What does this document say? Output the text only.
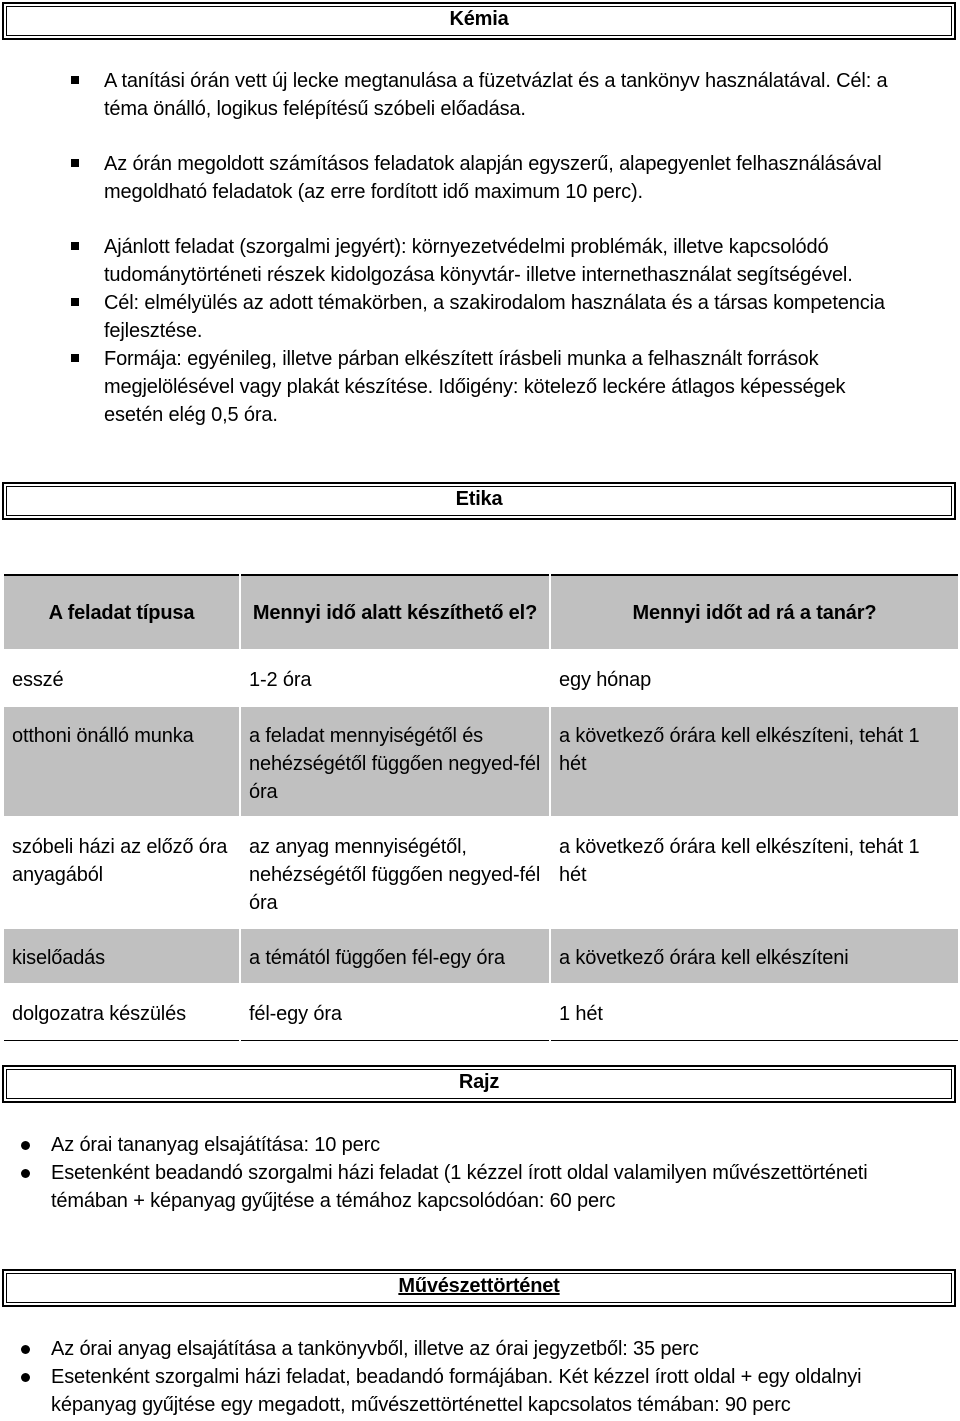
Kémia
A tanítási órán vett új lecke megtanulása a füzetvázlat és a tankönyv használatával. Cél: a téma önálló, logikus felépítésű szóbeli előadása.
Az órán megoldott számításos feladatok alapján egyszerű, alapegyenlet felhasználásával megoldható feladatok (az erre fordított idő maximum 10 perc).
Ajánlott feladat (szorgalmi jegyért): környezetvédelmi problémák, illetve kapcsolódó tudománytörténeti részek kidolgozása könyvtár- illetve internethasználat segítségével.
Cél: elmélyülés az adott témakörben, a szakirodalom használata és a társas kompetencia fejlesztése.
Formája: egyénileg, illetve párban elkészített írásbeli munka a felhasznált források megjelölésével vagy plakát készítése. Időigény: kötelező leckére átlagos képességek esetén elég 0,5 óra.
Etika
A feladat típusa	Mennyi idő alatt készíthető el?	Mennyi időt ad rá a tanár?
esszé	1-2 óra	egy hónap
otthoni önálló munka	a feladat mennyiségétől és nehézségétől függően negyed-fél óra	a következő órára kell elkészíteni, tehát 1 hét
szóbeli házi az előző óra anyagából	az anyag mennyiségétől, nehézségétől függően negyed-fél óra	a következő órára kell elkészíteni, tehát 1 hét
kiselőadás	a témától függően fél-egy óra	a következő órára kell elkészíteni
dolgozatra készülés	fél-egy óra	1 hét
Rajz
Az órai tananyag elsajátítása: 10 perc
Esetenként beadandó szorgalmi házi feladat (1 kézzel írott oldal valamilyen művészettörténeti témában + képanyag gyűjtése a témához kapcsolódóan: 60 perc
Művészettörténet
Az órai anyag elsajátítása a tankönyvből, illetve az órai jegyzetből: 35 perc
Esetenként szorgalmi házi feladat, beadandó formájában. Két kézzel írott oldal + egy oldalnyi képanyag gyűjtése egy megadott, művészettörténettel kapcsolatos témában: 90 perc
